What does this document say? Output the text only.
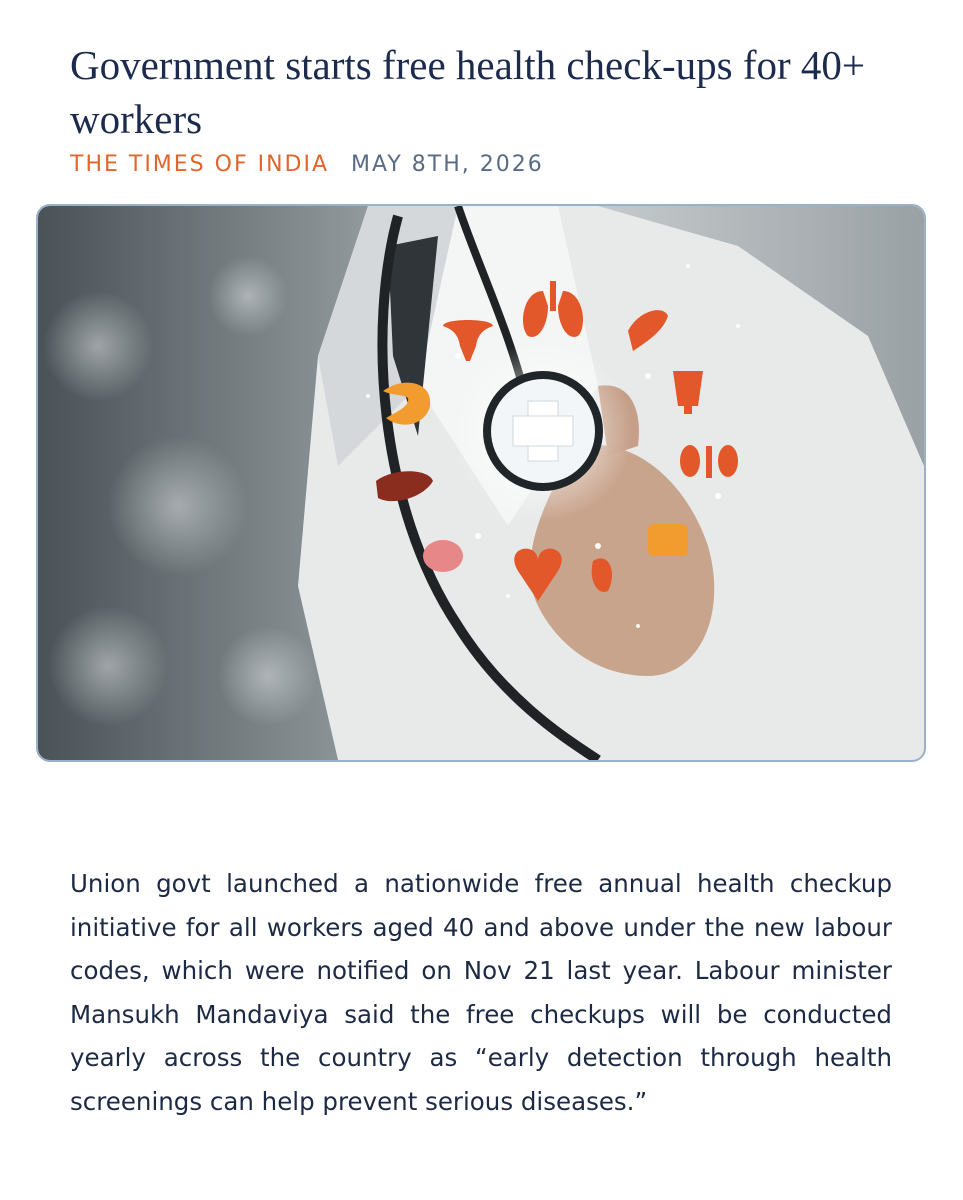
Government starts free health check-ups for 40+ workers
THE TIMES OF INDIA MAY 8TH, 2026

Union govt launched a nationwide free annual health checkup initiative for all workers aged 40 and above under the new labour codes, which were notified on Nov 21 last year. Labour minister Mansukh Mandaviya said the free checkups will be conducted yearly across the country as “early detection through health screenings can help prevent serious diseases.”
